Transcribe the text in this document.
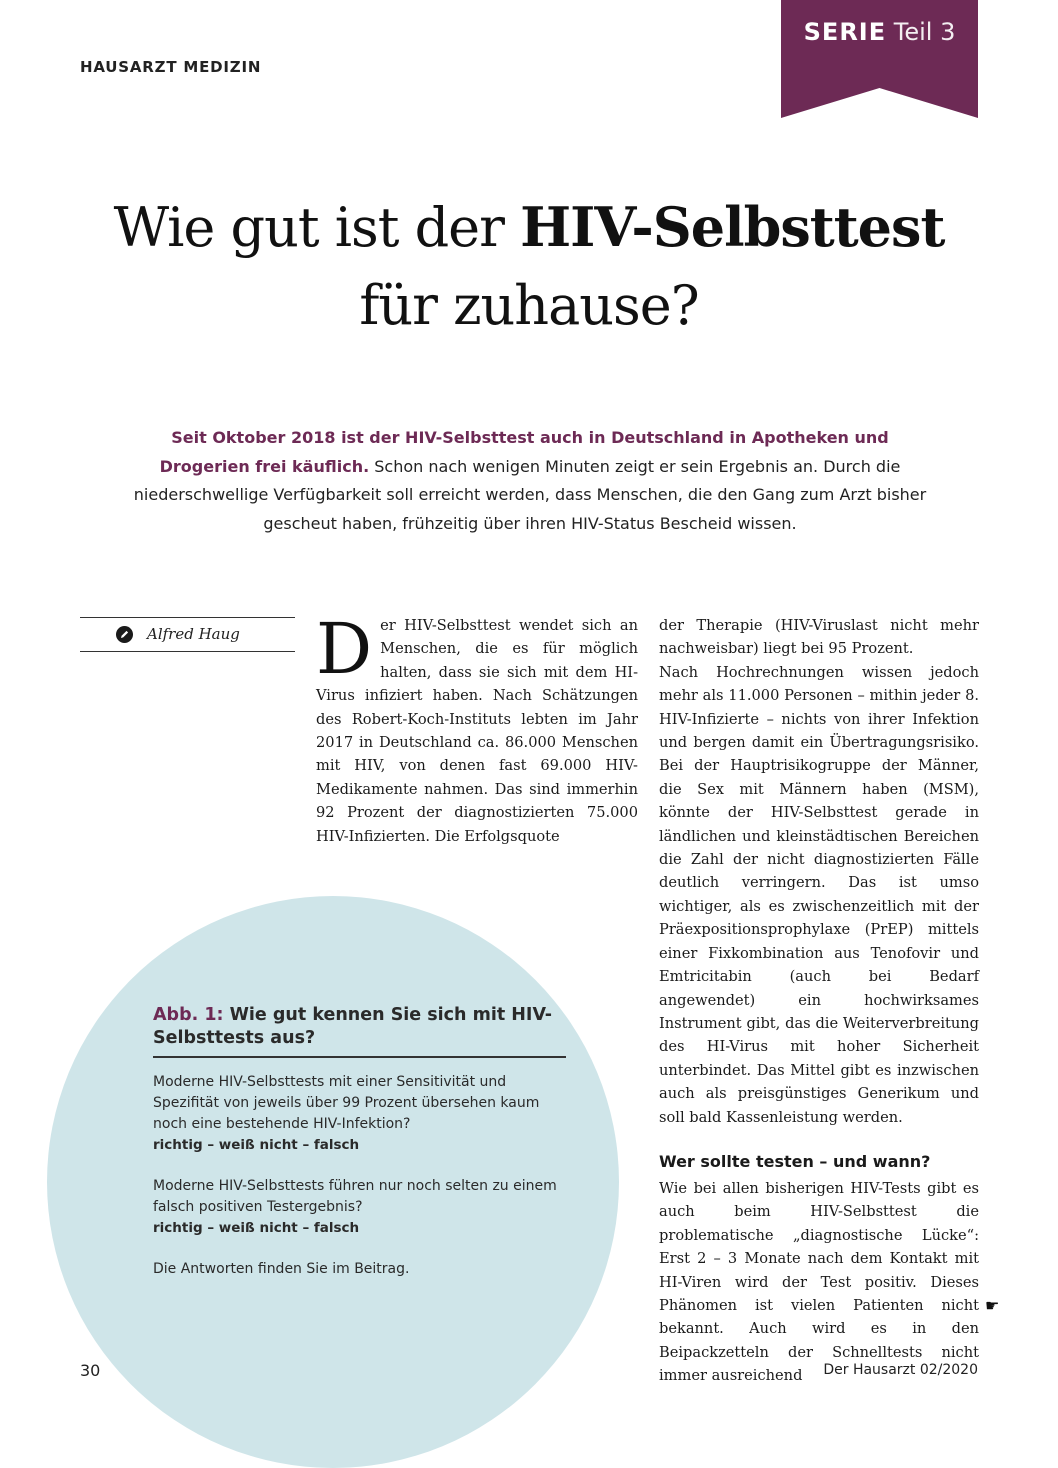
HAUSARZT MEDIZIN
SERIE Teil 3
Wie gut ist der HIV-Selbsttest
für zuhause?
Seit Oktober 2018 ist der HIV-Selbsttest auch in Deutschland in Apotheken und Drogerien frei käuflich. Schon nach wenigen Minuten zeigt er sein Ergebnis an. Durch die niederschwellige Verfügbarkeit soll erreicht werden, dass Menschen, die den Gang zum Arzt bisher gescheut haben, frühzeitig über ihren HIV-Status Bescheid wissen.
Alfred Haug D er HIV-Selbsttest wendet sich an Menschen, die es für möglich halten, dass sie sich mit dem HI-Virus infiziert haben. Nach Schätzungen des Robert-Koch-Instituts lebten im Jahr 2017 in Deutschland ca. 86.000 Menschen mit HIV, von denen fast 69.000 HIV-Medikamente nahmen. Das sind immerhin 92 Prozent der diagnostizierten 75.000 HIV-Infizierten. Die Erfolgsquote

der Therapie (HIV-Viruslast nicht mehr nachweisbar) liegt bei 95 Prozent.

Nach Hochrechnungen wissen jedoch mehr als 11.000 Personen – mithin jeder 8. HIV-Infizierte – nichts von ihrer Infektion und bergen damit ein Übertragungsrisiko. Bei der Hauptrisikogruppe der Männer, die Sex mit Männern haben (MSM), könnte der HIV-Selbsttest gerade in ländlichen und kleinstädtischen Bereichen die Zahl der nicht diagnostizierten Fälle deutlich verringern. Das ist umso wichtiger, als es zwischenzeitlich mit der Präexpositionsprophylaxe (PrEP) mittels einer Fixkombination aus Tenofovir und Emtricitabin (auch bei Bedarf angewendet) ein hochwirksames Instrument gibt, das die Weiterverbreitung des HI-Virus mit hoher Sicherheit unterbindet. Das Mittel gibt es inzwischen auch als preisgünstiges Generikum und soll bald Kassenleistung werden.

Wer sollte testen – und wann?

Wie bei allen bisherigen HIV-Tests gibt es auch beim HIV-Selbsttest die problematische „diagnostische Lücke“: Erst 2 – 3 Monate nach dem Kontakt mit HI-Viren wird der Test positiv. Dieses Phänomen ist vielen Patienten nicht bekannt. Auch wird es in den Beipackzetteln der Schnelltests nicht immer ausreichend

☛
Abb. 1: Wie gut kennen Sie sich mit HIV-Selbsttests aus?

Moderne HIV-Selbsttests mit einer Sensitivität und Spezifität von jeweils über 99 Prozent übersehen kaum noch eine bestehende HIV-Infektion?

richtig – weiß nicht – falsch

Moderne HIV-Selbsttests führen nur noch selten zu einem falsch positiven Testergebnis?

richtig – weiß nicht – falsch

Die Antworten finden Sie im Beitrag.

30	Der Hausarzt 02/2020
